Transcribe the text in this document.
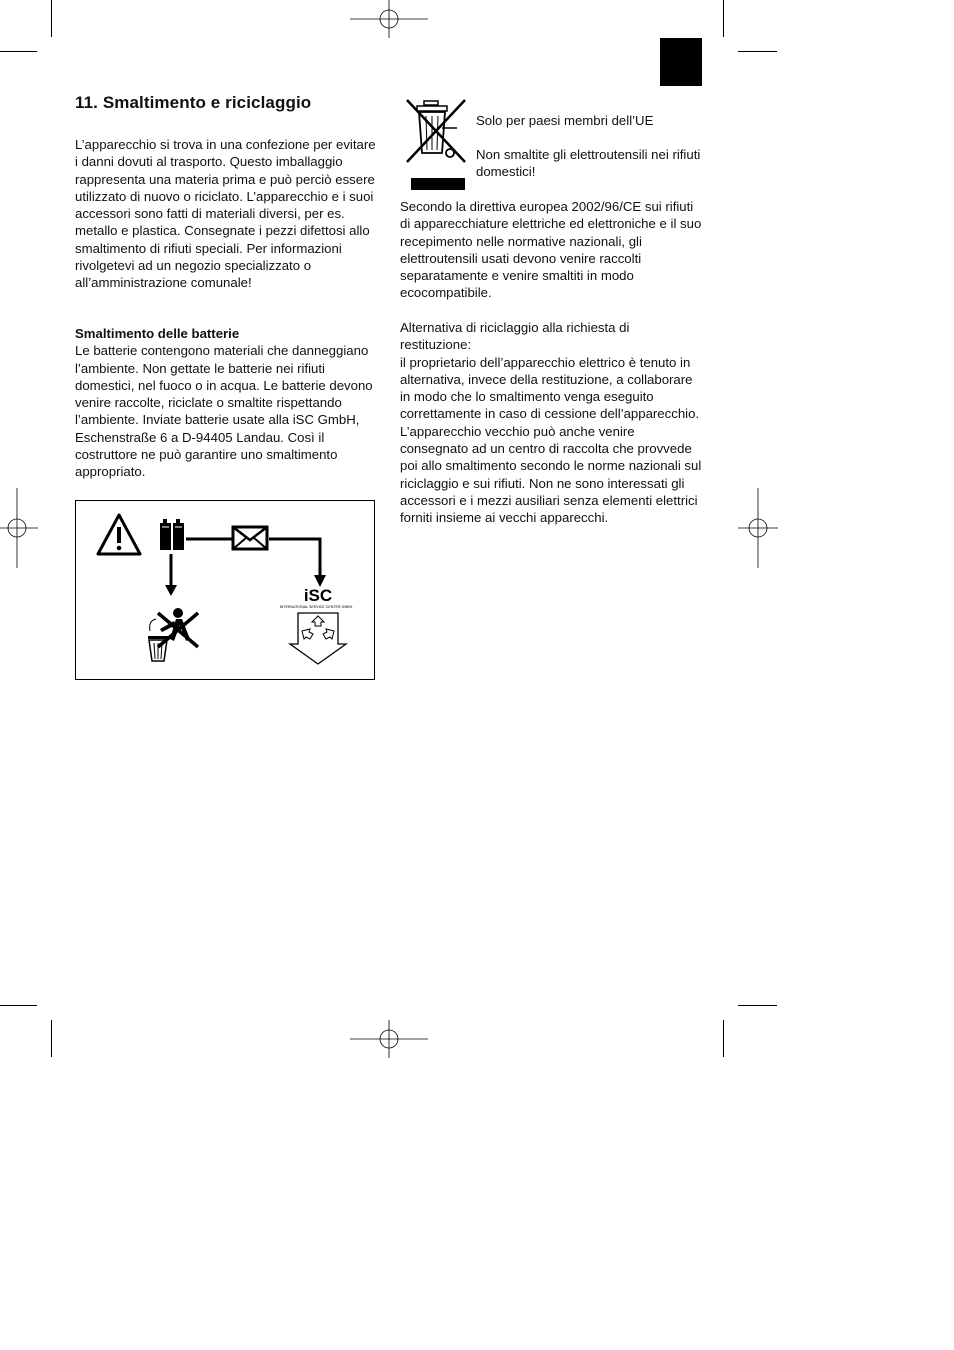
11. Smaltimento e riciclaggio

L’apparecchio si trova in una confezione per evitare i danni dovuti al trasporto. Questo imballaggio rappresenta una materia prima e può perciò essere utilizzato di nuovo o riciclato. L’apparecchio e i suoi accessori sono fatti di materiali diversi, per es. metallo e plastica. Consegnate i pezzi difettosi allo smaltimento di rifiuti speciali. Per informazioni rivolgetevi ad un negozio specializzato o all’amministrazione comunale!

Smaltimento delle batterie
Le batterie contengono materiali che danneggiano l’ambiente. Non gettate le batterie nei rifiuti domestici, nel fuoco o in acqua. Le batterie devono venire raccolte, riciclate o smaltite rispettando l’ambiente. Inviate batterie usate alla iSC GmbH, Eschenstraße 6 a D-94405 Landau. Così il costruttore ne può garantire uno smaltimento appropriato.
iSC
INTERNATIONAL SERVICE CENTER GMBH

Solo per paesi membri dell’UE

Non smaltite gli elettroutensili nei rifiuti domestici!

Secondo la direttiva europea 2002/96/CE sui rifiuti di apparecchiature elettriche ed elettroniche e il suo recepimento nelle normative nazionali, gli elettroutensili usati devono venire raccolti separatamente e venire smaltiti in modo ecocompatibile.

Alternativa di riciclaggio alla richiesta di restituzione:
il proprietario dell’apparecchio elettrico è tenuto in alternativa, invece della restituzione, a collaborare in modo che lo smaltimento venga eseguito correttamente in caso di cessione dell’apparecchio. L’apparecchio vecchio può anche venire consegnato ad un centro di raccolta che provvede poi allo smaltimento secondo le norme nazionali sul riciclaggio e sui rifiuti. Non ne sono interessati gli accessori e i mezzi ausiliari senza elementi elettrici forniti insieme ai vecchi apparecchi.
